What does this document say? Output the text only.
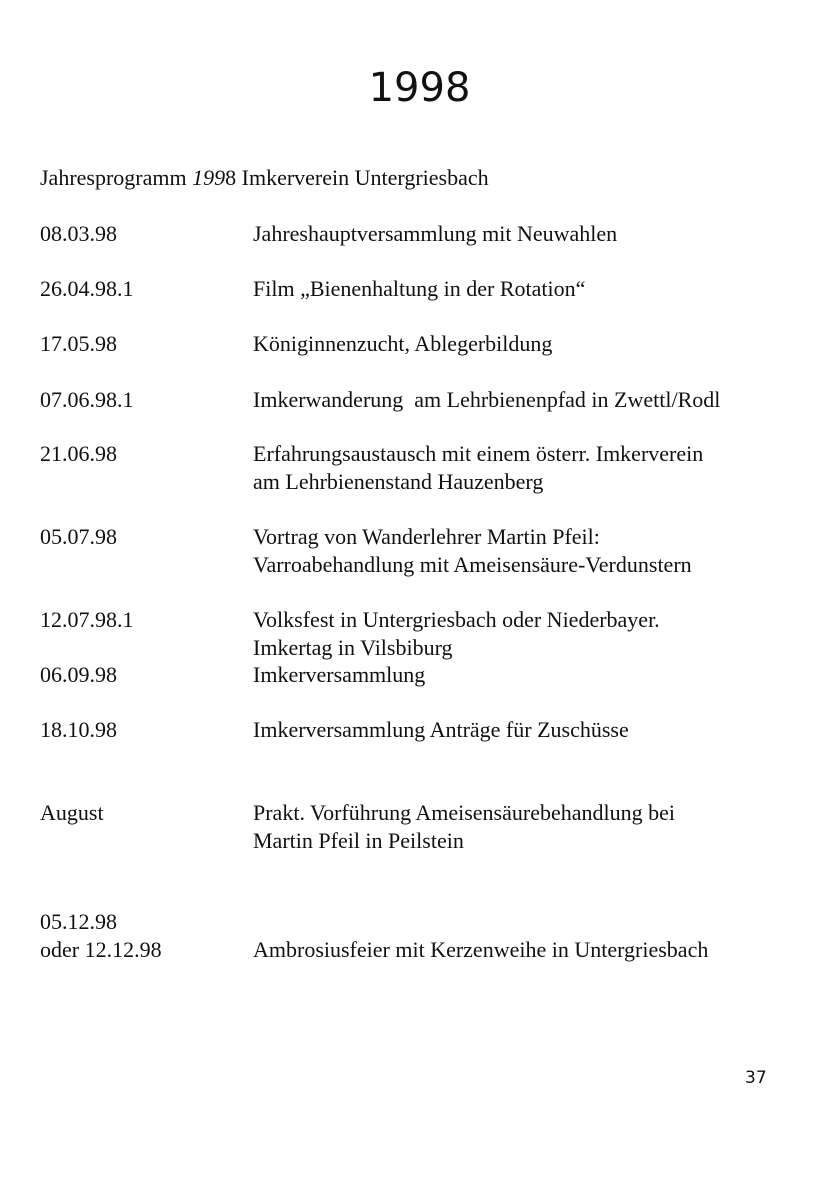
1998
Jahresprogramm 1998 Imkerverein Untergriesbach
08.03.98	Jahreshauptversammlung mit Neuwahlen
26.04.98.1	Film „Bienenhaltung in der Rotation“
17.05.98	Königinnenzucht, Ablegerbildung
07.06.98.1	Imkerwanderung  am Lehrbienenpfad in Zwettl/Rodl
21.06.98	Erfahrungsaustausch mit einem österr. Imkerverein
am Lehrbienenstand Hauzenberg
05.07.98	Vortrag von Wanderlehrer Martin Pfeil:
Varroabehandlung mit Ameisensäure-Verdunstern
12.07.98.1	Volksfest in Untergriesbach oder Niederbayer.
Imkertag in Vilsbiburg
06.09.98	Imkerversammlung
18.10.98	Imkerversammlung Anträge für Zuschüsse
August	Prakt. Vorführung Ameisensäurebehandlung bei
Martin Pfeil in Peilstein
05.12.98
oder 12.12.98	Ambrosiusfeier mit Kerzenweihe in Untergriesbach
37
